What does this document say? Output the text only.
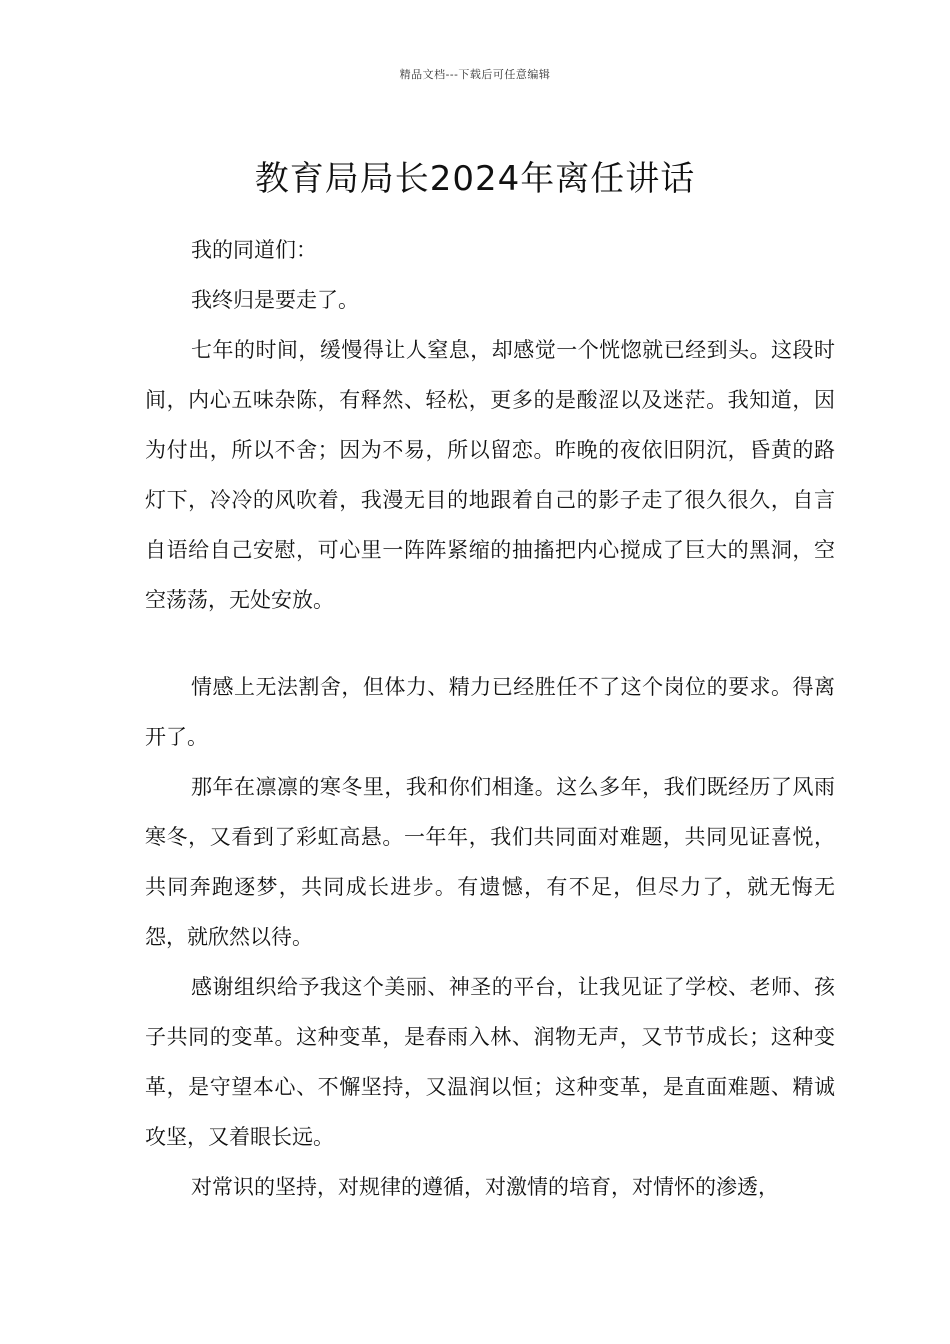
精品文档---下载后可任意编辑
教育局局长2024年离任讲话

我的同道们：

我终归是要走了。

七年的时间，缓慢得让人窒息，却感觉一个恍惚就已经到头。这段时间，内心五味杂陈，有释然、轻松，更多的是酸涩以及迷茫。我知道，因为付出，所以不舍；因为不易，所以留恋。昨晚的夜依旧阴沉，昏黄的路灯下，冷冷的风吹着，我漫无目的地跟着自己的影子走了很久很久，自言自语给自己安慰，可心里一阵阵紧缩的抽搐把内心搅成了巨大的黑洞，空空荡荡，无处安放。

情感上无法割舍，但体力、精力已经胜任不了这个岗位的要求。得离开了。

那年在凛凛的寒冬里，我和你们相逢。这么多年，我们既经历了风雨寒冬，又看到了彩虹高悬。一年年，我们共同面对难题，共同见证喜悦，共同奔跑逐梦，共同成长进步。有遗憾，有不足，但尽力了，就无悔无怨，就欣然以待。

感谢组织给予我这个美丽、神圣的平台，让我见证了学校、老师、孩子共同的变革。这种变革，是春雨入林、润物无声，又节节成长；这种变革，是守望本心、不懈坚持，又温润以恒；这种变革，是直面难题、精诚攻坚，又着眼长远。

对常识的坚持，对规律的遵循，对激情的培育，对情怀的渗透，
